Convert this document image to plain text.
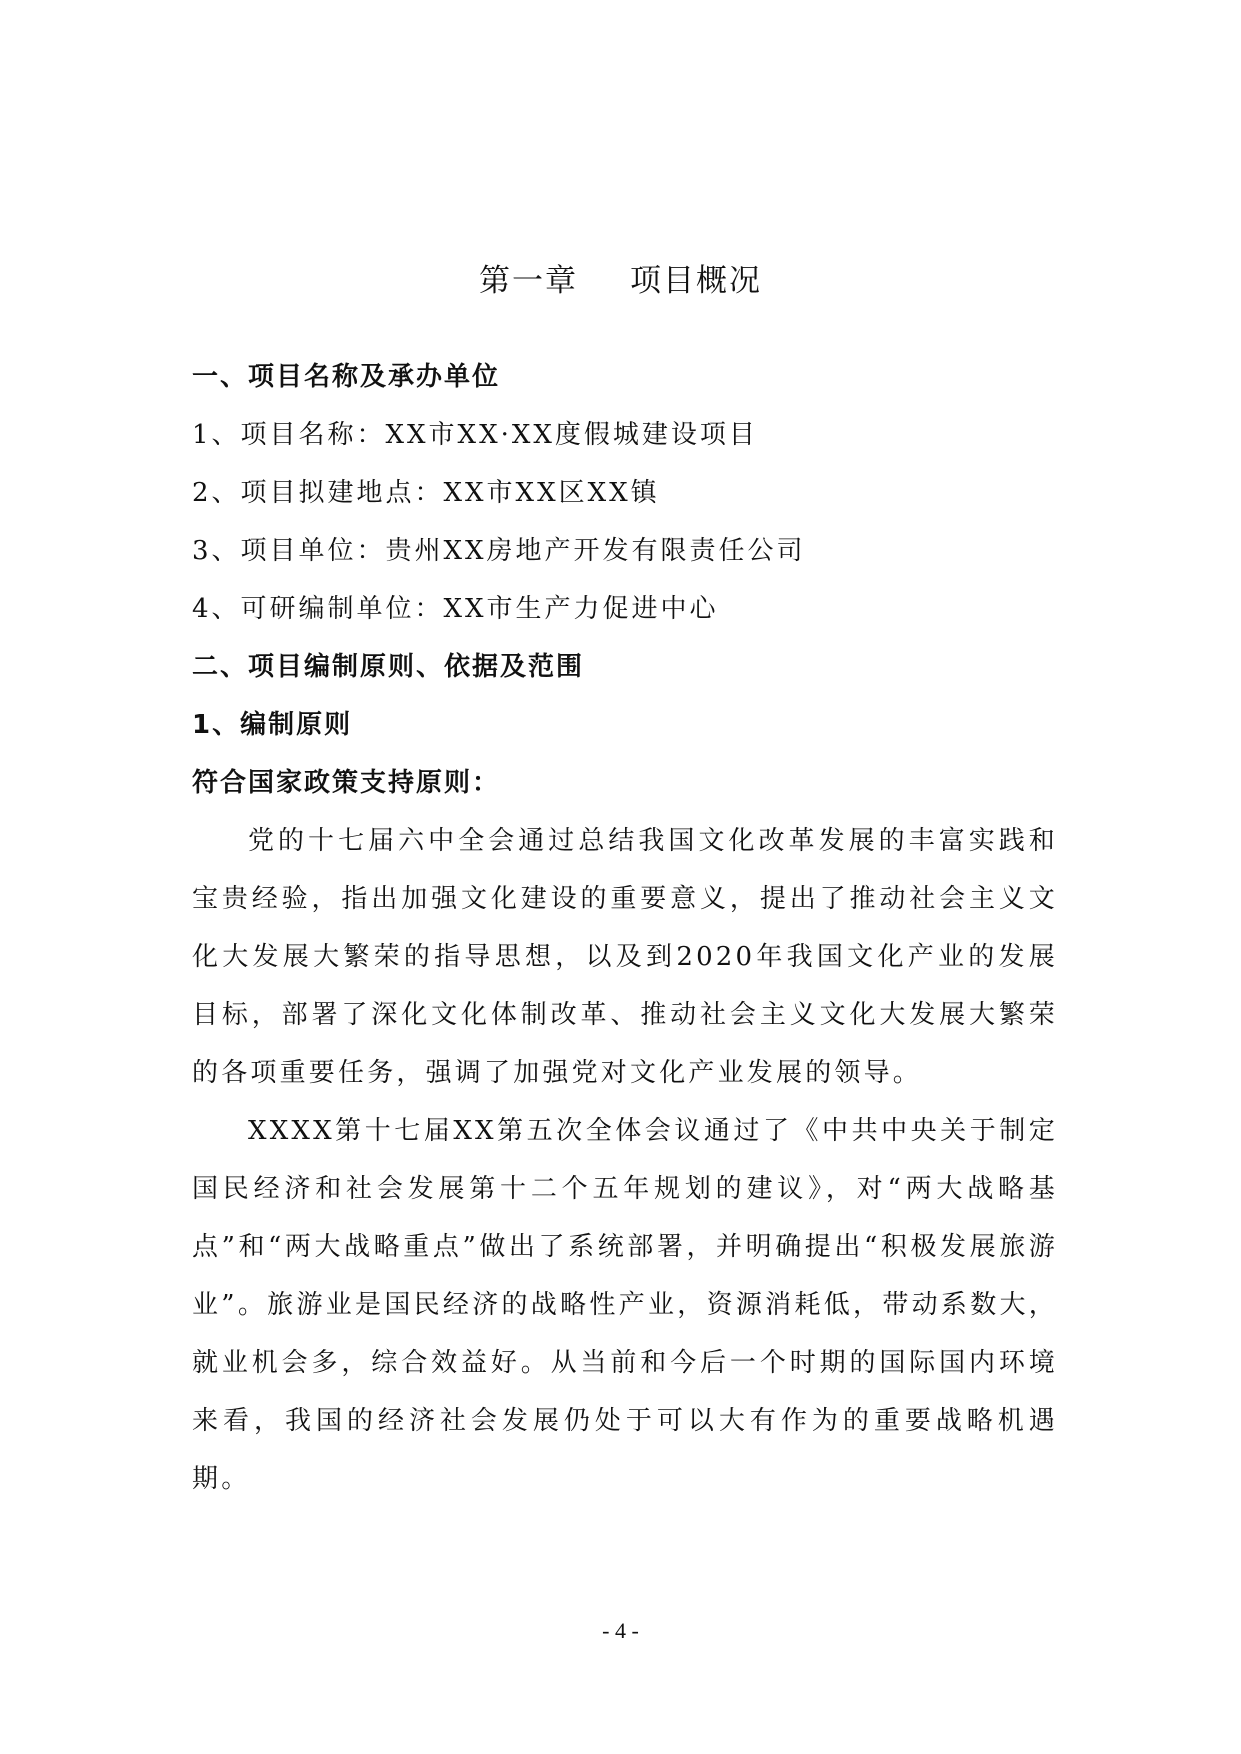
第一章 项目概况
一、项目名称及承办单位
1、项目名称：XX市XX·XX度假城建设项目
2、项目拟建地点：XX市XX区XX镇
3、项目单位：贵州XX房地产开发有限责任公司
4、可研编制单位：XX市生产力促进中心
二、项目编制原则、依据及范围
1、编制原则
符合国家政策支持原则：

党的十七届六中全会通过总结我国文化改革发展的丰富实践和宝贵经验，指出加强文化建设的重要意义，提出了推动社会主义文化大发展大繁荣的指导思想，以及到2020年我国文化产业的发展目标，部署了深化文化体制改革、推动社会主义文化大发展大繁荣的各项重要任务，强调了加强党对文化产业发展的领导。

XXXX第十七届XX第五次全体会议通过了《中共中央关于制定国民经济和社会发展第十二个五年规划的建议》，对“两大战略基点”和“两大战略重点”做出了系统部署，并明确提出“积极发展旅游业”。旅游业是国民经济的战略性产业，资源消耗低，带动系数大，就业机会多，综合效益好。从当前和今后一个时期的国际国内环境来看，我国的经济社会发展仍处于可以大有作为的重要战略机遇期。

- 4 -
